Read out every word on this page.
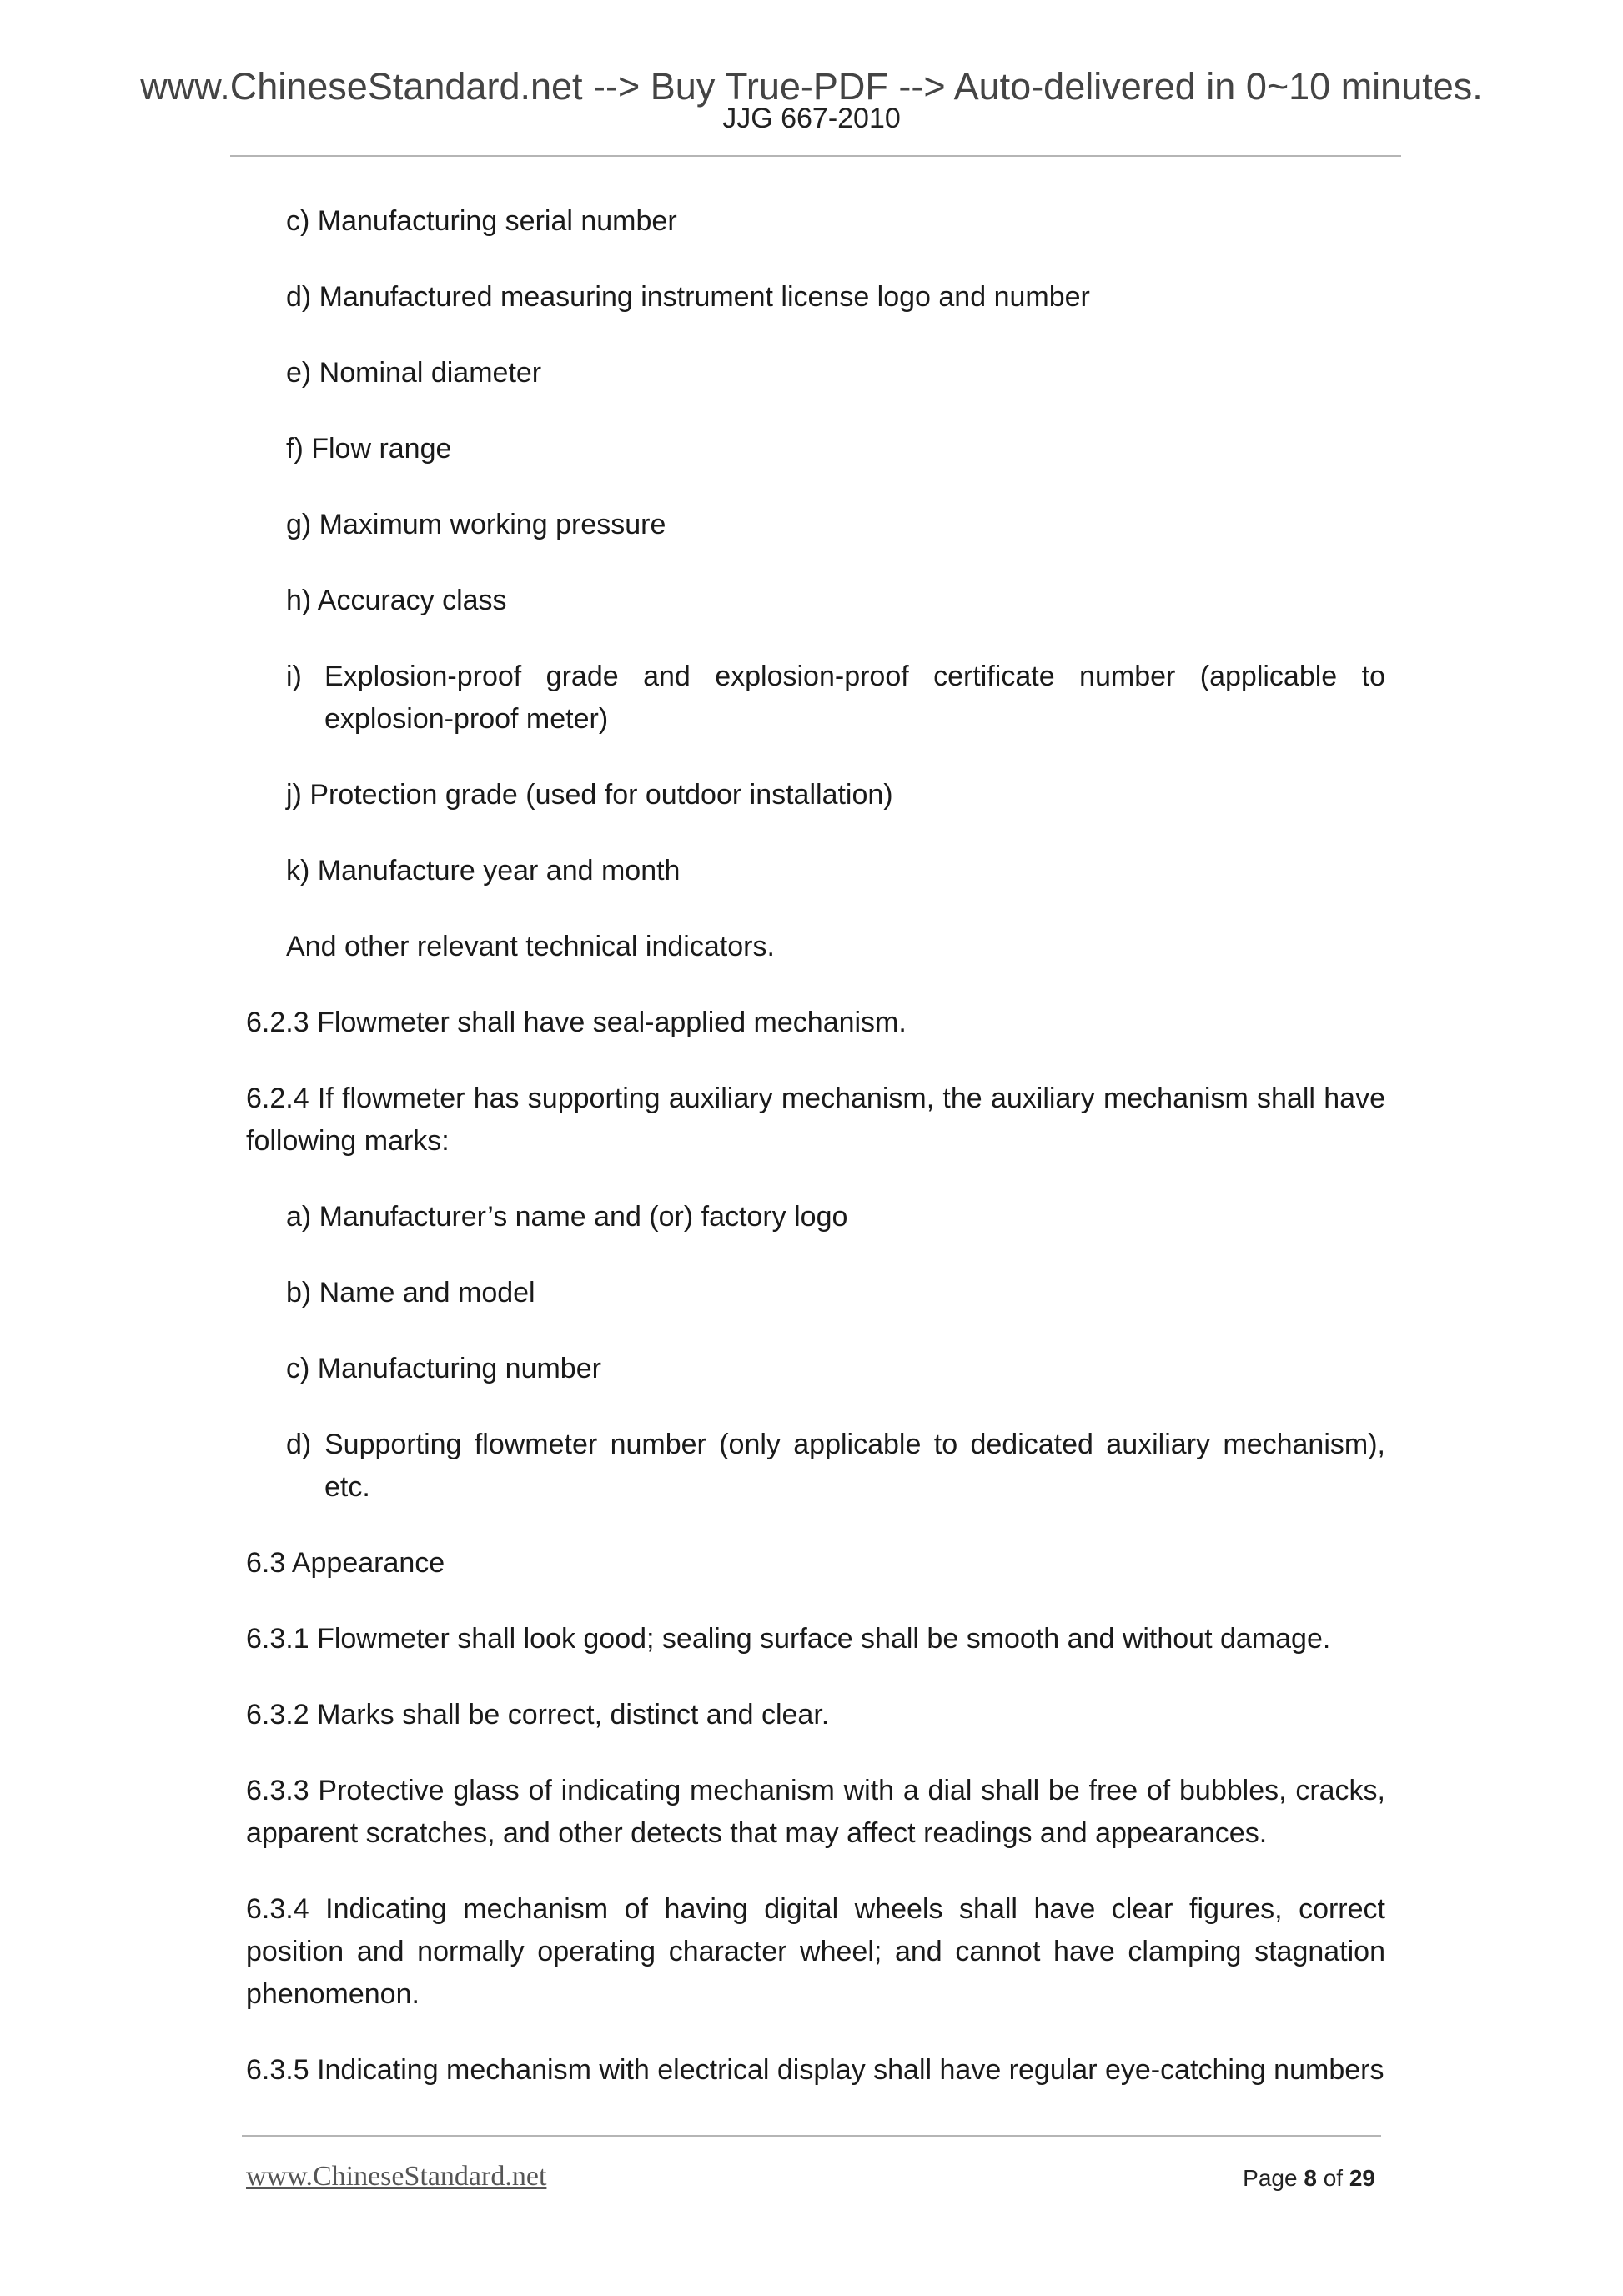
www.ChineseStandard.net --> Buy True-PDF --> Auto-delivered in 0~10 minutes.
JJG 667-2010
c) Manufacturing serial number
d) Manufactured measuring instrument license logo and number
e) Nominal diameter
f) Flow range
g) Maximum working pressure
h) Accuracy class
i) Explosion-proof grade and explosion-proof certificate number (applicable to explosion-proof meter)
j) Protection grade (used for outdoor installation)
k) Manufacture year and month
And other relevant technical indicators.

6.2.3 Flowmeter shall have seal-applied mechanism.

6.2.4 If flowmeter has supporting auxiliary mechanism, the auxiliary mechanism shall have following marks:

a) Manufacturer’s name and (or) factory logo
b) Name and model
c) Manufacturing number
d) Supporting flowmeter number (only applicable to dedicated auxiliary mechanism), etc.

6.3 Appearance

6.3.1 Flowmeter shall look good; sealing surface shall be smooth and without damage.

6.3.2 Marks shall be correct, distinct and clear.

6.3.3 Protective glass of indicating mechanism with a dial shall be free of bubbles, cracks, apparent scratches, and other detects that may affect readings and appearances.

6.3.4 Indicating mechanism of having digital wheels shall have clear figures, correct position and normally operating character wheel; and cannot have clamping stagnation phenomenon.

6.3.5 Indicating mechanism with electrical display shall have regular eye-catching numbers

www.ChineseStandard.net	Page 8 of 29
